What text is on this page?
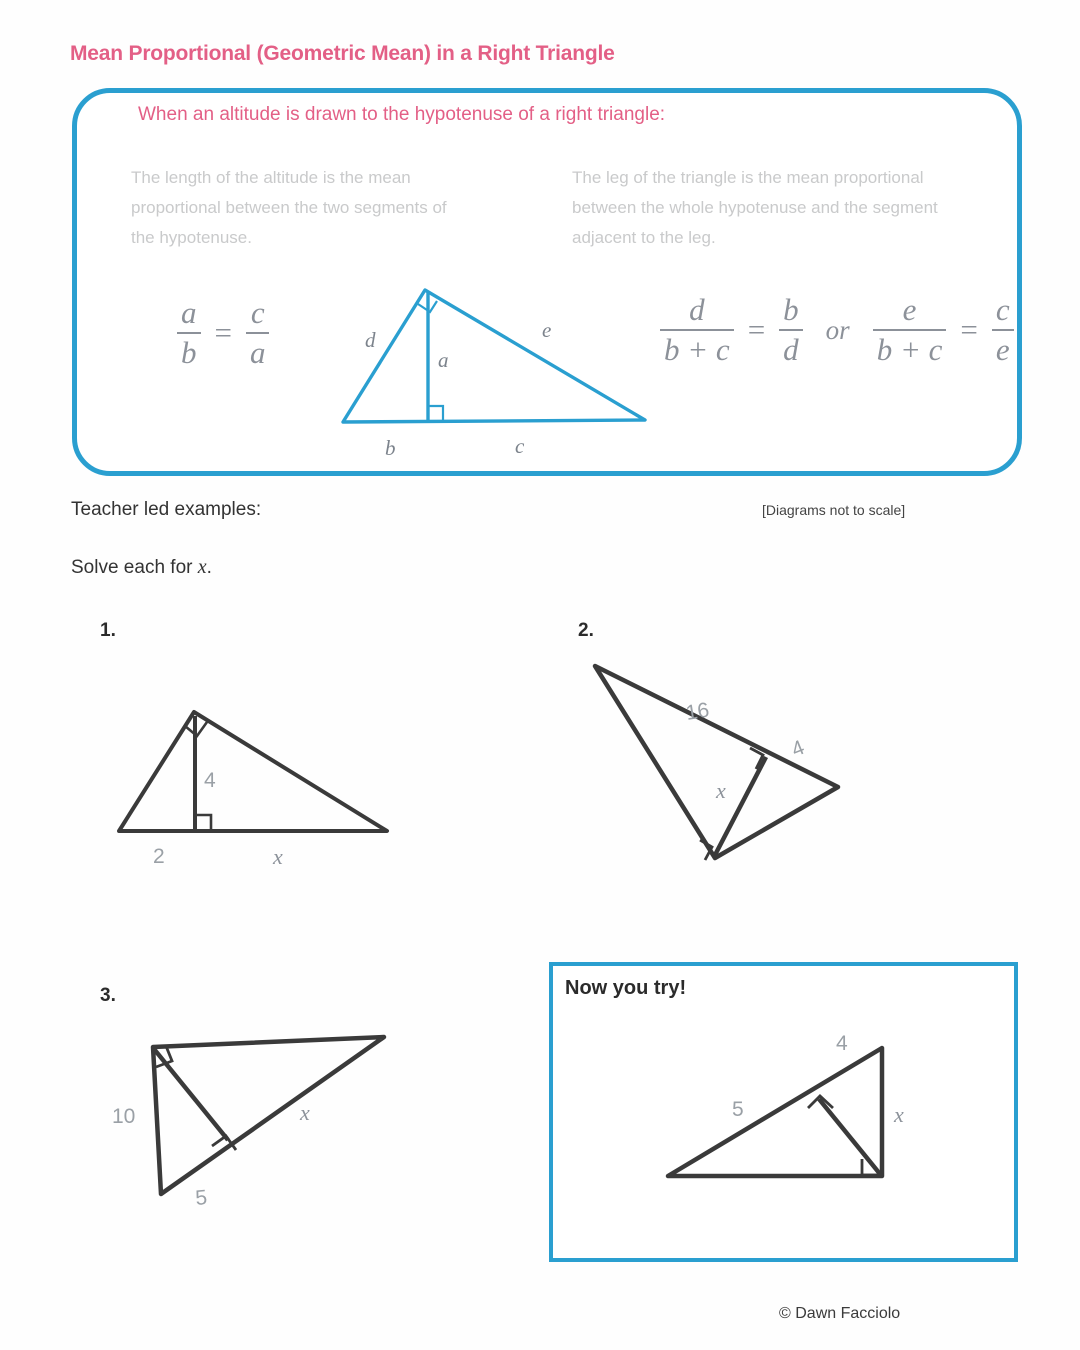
Mean Proportional (Geometric Mean) in a Right Triangle
When an altitude is drawn to the hypotenuse of a right triangle:
The length of the altitude is the mean proportional between the two segments of the hypotenuse.
The leg of the triangle is the mean proportional between the whole hypotenuse and the segment adjacent to the leg.
$\frac{a}{b} = \frac{c}{a}$	$\frac{d}{b + c} = \frac{b}{d}$ or $\frac{e}{b + c} = \frac{c}{e}$
d
a
e
b	c
Teacher led examples:	[Diagrams not to scale]
Solve each for x.
1.
4
2	x
2.
16
4
x
3.
10
5
x
Now you try!
4
5	x
© Dawn Facciolo
